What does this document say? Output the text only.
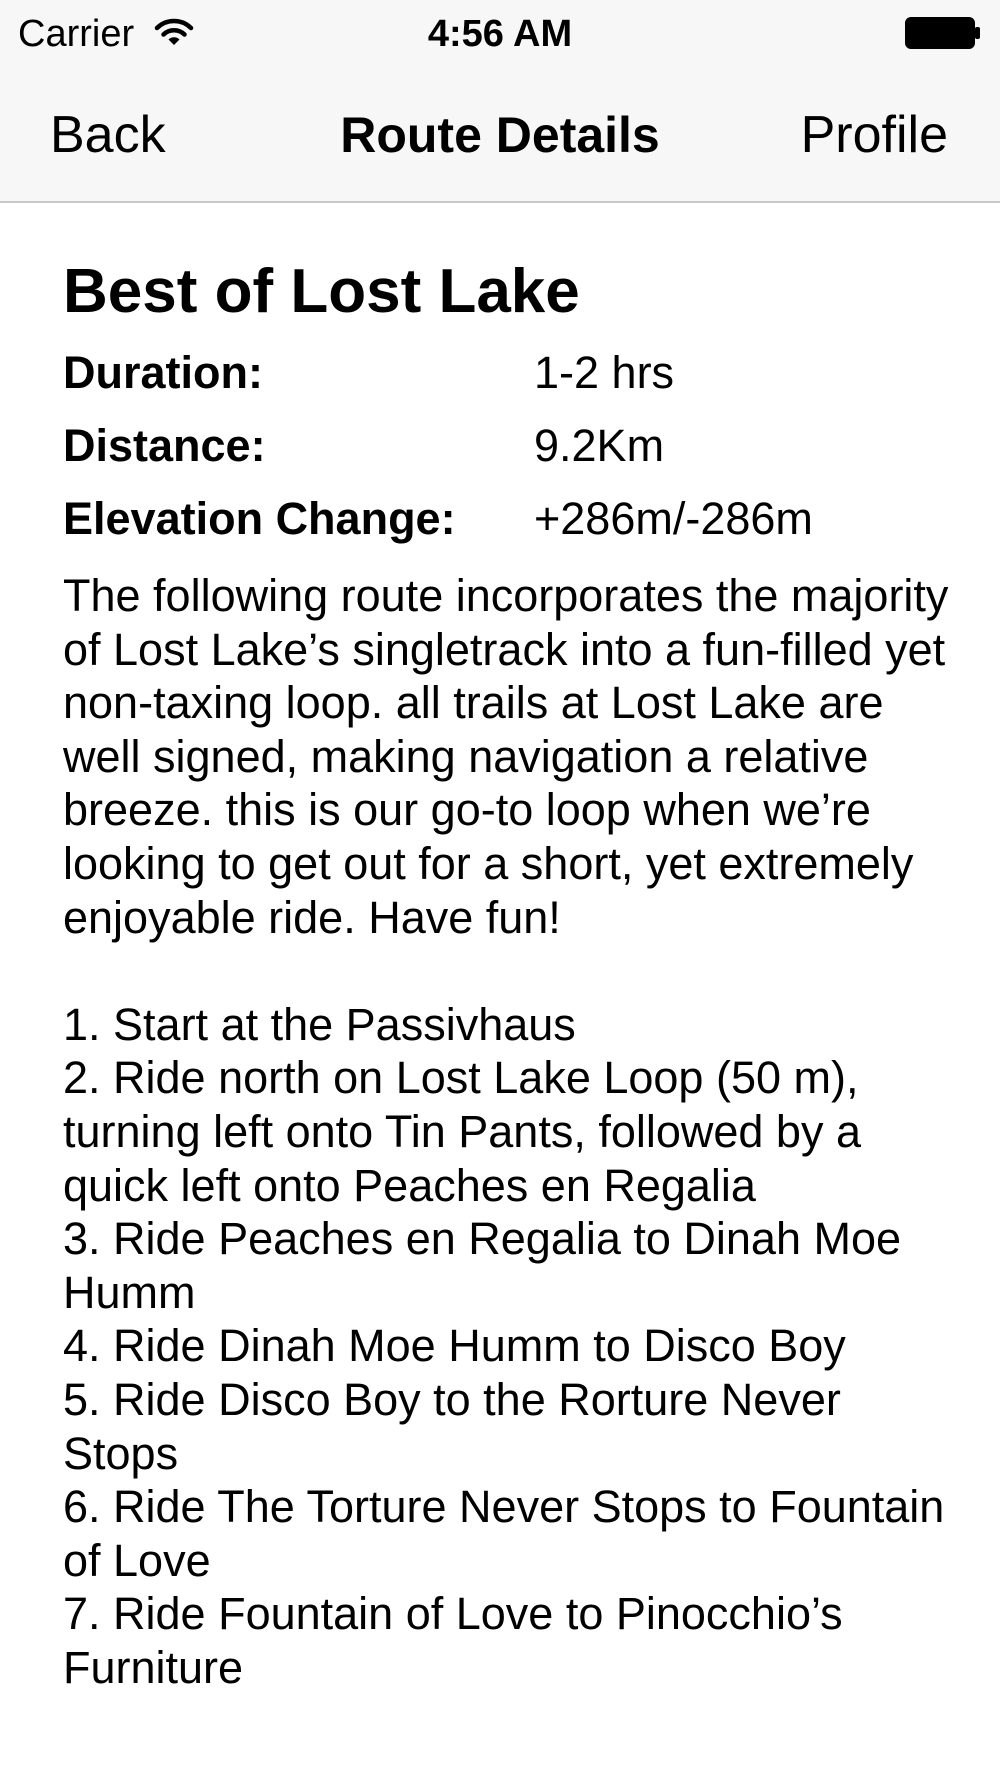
Carrier	4:56 AM
Back	Route Details	Profile
Best of Lost Lake
Duration:	1-2 hrs
Distance:	9.2Km
Elevation Change: +286m/-286m
The following route incorporates the majority of Lost Lake’s singletrack into a fun-filled yet non-taxing loop. all trails at Lost Lake are well signed, making navigation a relative breeze. this is our go-to loop when we’re looking to get out for a short, yet extremely enjoyable ride. Have fun!
1. Start at the Passivhaus
2. Ride north on Lost Lake Loop (50 m), turning left onto Tin Pants, followed by a quick left onto Peaches en Regalia
3. Ride Peaches en Regalia to Dinah Moe Humm
4. Ride Dinah Moe Humm to Disco Boy
5. Ride Disco Boy to the Rorture Never Stops
6. Ride The Torture Never Stops to Fountain of Love
7. Ride Fountain of Love to Pinocchio’s Furniture
